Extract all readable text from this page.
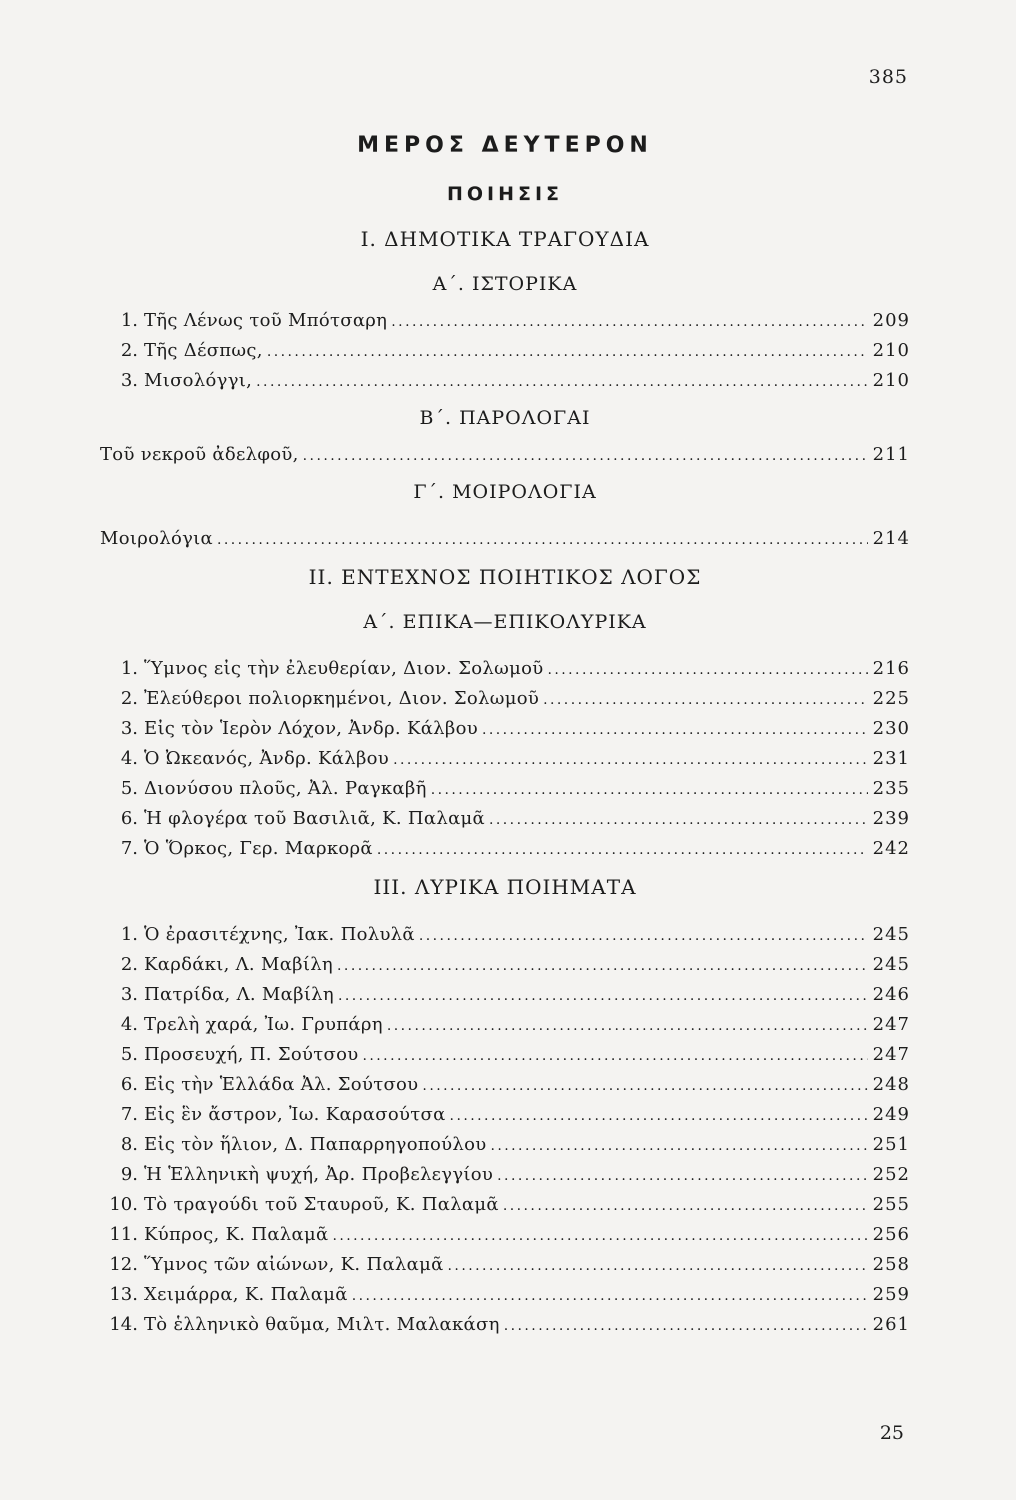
385
ΜΕΡΟΣ ΔΕΥΤΕΡΟΝ
ΠΟΙΗΣΙΣ
Ι. ΔΗΜΟΤΙΚΑ ΤΡΑΓΟΥΔΙΑ
Α΄. ΙΣΤΟΡΙΚΑ
1. Τῆς Λένως τοῦ Μπότσαρη . . .	209
2. Τῆς Δέσπως, . . .	210
3. Μισολόγγι, . . .	210
Β΄. ΠΑΡΟΛΟΓΑΙ
Τοῦ νεκροῦ ἀδελφοῦ, . . .	211
Γ΄. ΜΟΙΡΟΛΟΓΙΑ
Μοιρολόγια . . .	214
ΙΙ. ΕΝΤΕΧΝΟΣ ΠΟΙΗΤΙΚΟΣ ΛΟΓΟΣ
Α΄. ΕΠΙΚΑ—ΕΠΙΚΟΛΥΡΙΚΑ
1. Ὕμνος εἰς τὴν ἐλευθερίαν, Διον. Σολωμοῦ . . .	216
2. Ἐλεύθεροι πολιορκημένοι, Διον. Σολωμοῦ . . .	225
3. Εἰς τὸν Ἱερὸν Λόχον, Ἀνδρ. Κάλβου . . .	230
4. Ὁ Ὠκεανός, Ἀνδρ. Κάλβου . . .	231
5. Διονύσου πλοῦς, Ἀλ. Ραγκαβῆ . . .	235
6. Ἡ φλογέρα τοῦ Βασιλιᾶ, Κ. Παλαμᾶ . . .	239
7. Ὁ Ὅρκος, Γερ. Μαρκορᾶ . . .	242
ΙΙΙ. ΛΥΡΙΚΑ ΠΟΙΗΜΑΤΑ
1. Ὁ ἐρασιτέχνης, Ἰακ. Πολυλᾶ . . .	245
2. Καρδάκι, Λ. Μαβίλη . . .	245
3. Πατρίδα, Λ. Μαβίλη . . .	246
4. Τρελὴ χαρά, Ἰω. Γρυπάρη . . .	247
5. Προσευχή, Π. Σούτσου . . .	247
6. Εἰς τὴν Ἑλλάδα Ἀλ. Σούτσου . . .	248
7. Εἰς ἓν ἄστρον, Ἰω. Καρασούτσα . . .	249
8. Εἰς τὸν ἥλιον, Δ. Παπαρρηγοπούλου . . .	251
9. Ἡ Ἑλληνικὴ ψυχή, Ἀρ. Προβελεγγίου . . .	252
10. Τὸ τραγούδι τοῦ Σταυροῦ, Κ. Παλαμᾶ . . .	255
11. Κύπρος, Κ. Παλαμᾶ . . .	256
12. Ὕμνος τῶν αἰώνων, Κ. Παλαμᾶ . . .	258
13. Χειμάρρα, Κ. Παλαμᾶ . . .	259
14. Τὸ ἑλληνικὸ θαῦμα, Μιλτ. Μαλακάση . . .	261
25
